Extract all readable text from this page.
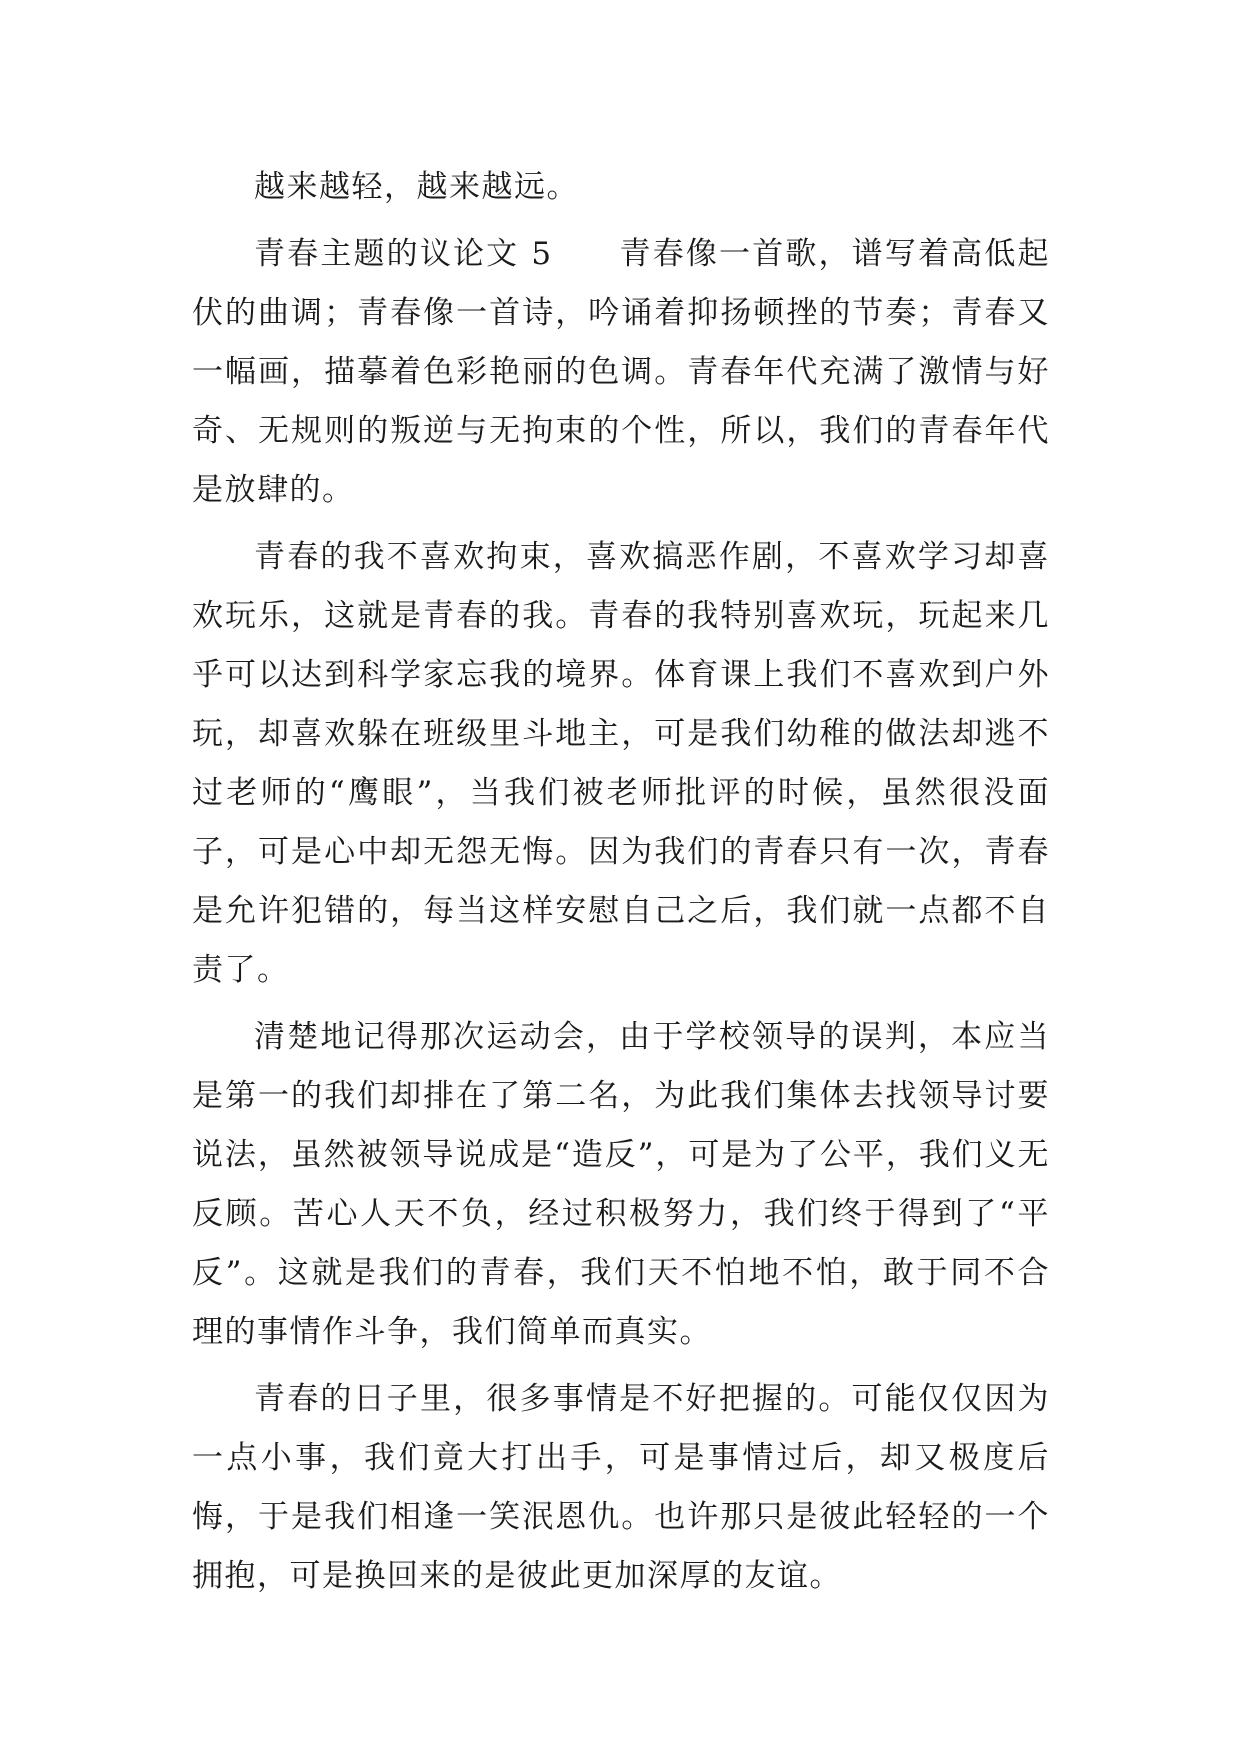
越来越轻，越来越远。

青春主题的议论文 5　　青春像一首歌，谱写着高低起伏的曲调；青春像一首诗，吟诵着抑扬顿挫的节奏；青春又一幅画，描摹着色彩艳丽的色调。青春年代充满了激情与好奇、无规则的叛逆与无拘束的个性，所以，我们的青春年代是放肆的。

青春的我不喜欢拘束，喜欢搞恶作剧，不喜欢学习却喜欢玩乐，这就是青春的我。青春的我特别喜欢玩，玩起来几乎可以达到科学家忘我的境界。体育课上我们不喜欢到户外玩，却喜欢躲在班级里斗地主，可是我们幼稚的做法却逃不过老师的“鹰眼”，当我们被老师批评的时候，虽然很没面子，可是心中却无怨无悔。因为我们的青春只有一次，青春是允许犯错的，每当这样安慰自己之后，我们就一点都不自责了。

清楚地记得那次运动会，由于学校领导的误判，本应当是第一的我们却排在了第二名，为此我们集体去找领导讨要说法，虽然被领导说成是“造反”，可是为了公平，我们义无反顾。苦心人天不负，经过积极努力，我们终于得到了“平反”。这就是我们的青春，我们天不怕地不怕，敢于同不合理的事情作斗争，我们简单而真实。

青春的日子里，很多事情是不好把握的。可能仅仅因为一点小事，我们竟大打出手，可是事情过后，却又极度后悔，于是我们相逢一笑泯恩仇。也许那只是彼此轻轻的一个拥抱，可是换回来的是彼此更加深厚的友谊。
